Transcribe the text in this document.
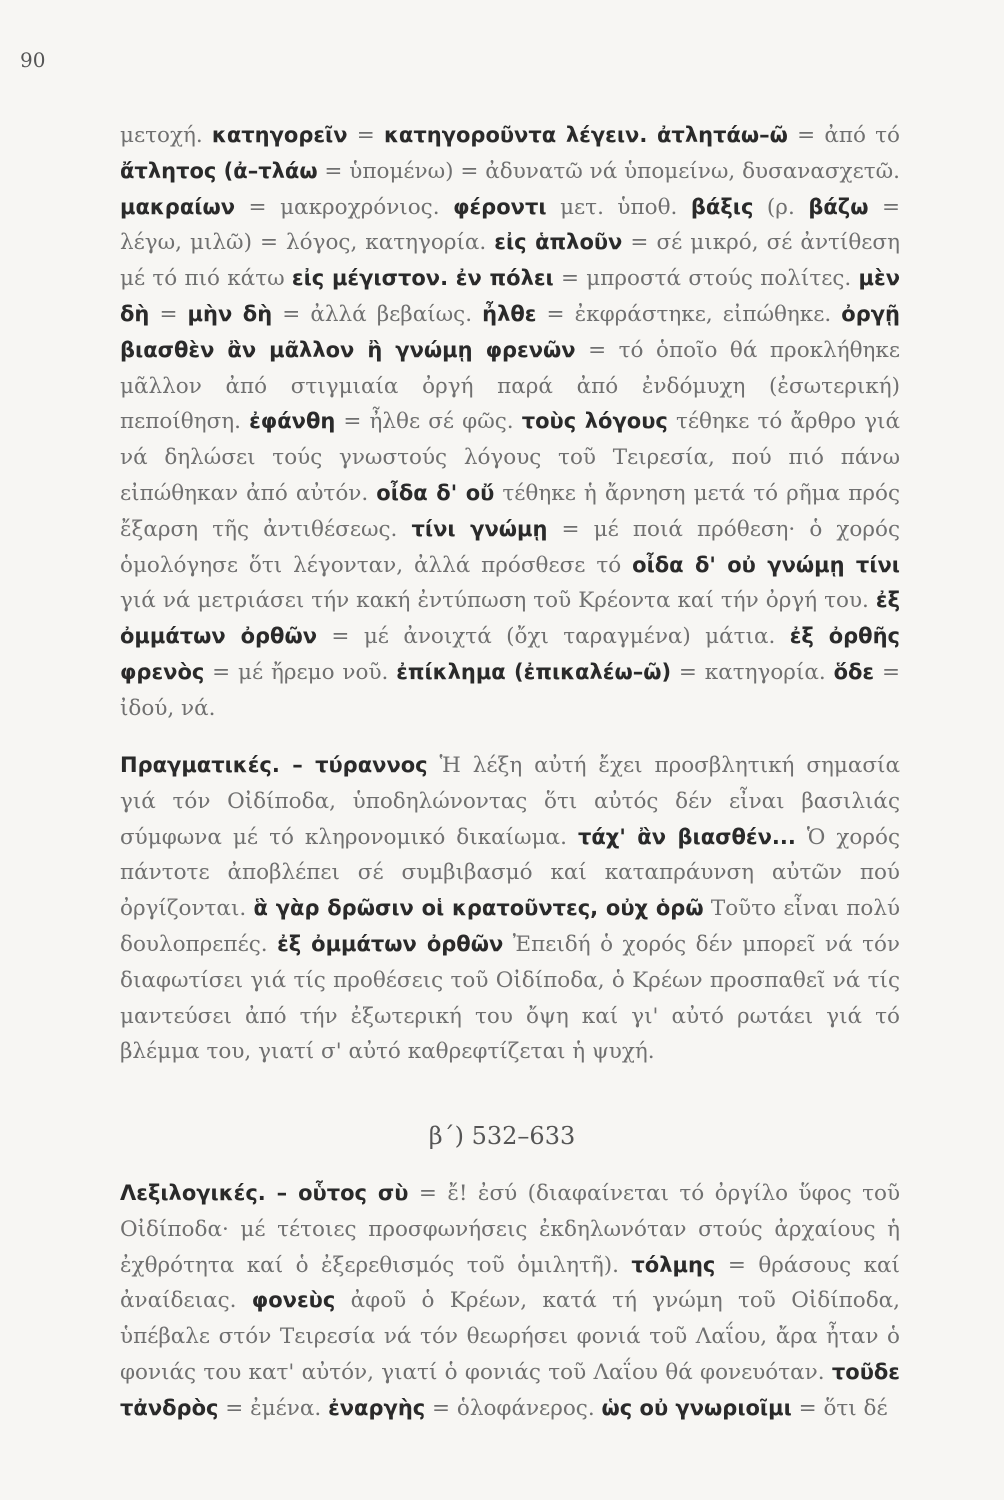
90

μετοχή. κατηγορεῖν = κατηγοροῦντα λέγειν. ἀτλητάω–ῶ = ἀπό τό ἄτλητος (ἀ–τλάω = ὑπομένω) = ἀδυνατῶ νά ὑπομείνω, δυσανασχετῶ. μακραίων = μακροχρόνιος. φέροντι μετ. ὑποθ. βάξις (ρ. βάζω = λέγω, μιλῶ) = λόγος, κατηγορία. εἰς ἁπλοῦν = σέ μικρό, σέ ἀντίθεση μέ τό πιό κάτω εἰς μέγιστον. ἐν πόλει = μπροστά στούς πολίτες. μὲν δὴ = μὴν δὴ = ἀλλά βεβαίως. ἦλθε = ἐκφράστηκε, εἰπώθηκε. ὀργῇ βιασθὲν ἂν μᾶλλον ἢ γνώμῃ φρενῶν = τό ὁποῖο θά προκλήθηκε μᾶλλον ἀπό στιγμιαία ὀργή παρά ἀπό ἐνδόμυχη (ἐσωτερική) πεποίθηση. ἐφάνθη = ἦλθε σέ φῶς. τοὺς λόγους τέθηκε τό ἄρθρο γιά νά δηλώσει τούς γνωστούς λόγους τοῦ Τειρεσία, πού πιό πάνω εἰπώθηκαν ἀπό αὐτόν. οἶδα δ' οὔ τέθηκε ἡ ἄρνηση μετά τό ρῆμα πρός ἔξαρση τῆς ἀντιθέσεως. τίνι γνώμῃ = μέ ποιά πρόθεση· ὁ χορός ὁμολόγησε ὅτι λέγονταν, ἀλλά πρόσθεσε τό οἶδα δ' οὐ γνώμῃ τίνι γιά νά μετριάσει τήν κακή ἐντύπωση τοῦ Κρέοντα καί τήν ὀργή του. ἐξ ὀμμάτων ὀρθῶν = μέ ἀνοιχτά (ὄχι ταραγμένα) μάτια. ἐξ ὀρθῆς φρενὸς = μέ ἤρεμο νοῦ. ἐπίκλημα (ἐπικαλέω–ῶ) = κατηγορία. ὅδε = ἰδού, νά.

Πραγματικές. – τύραννος Ἡ λέξη αὐτή ἔχει προσβλητική σημασία γιά τόν Οἰδίποδα, ὑποδηλώνοντας ὅτι αὐτός δέν εἶναι βασιλιάς σύμφωνα μέ τό κληρονομικό δικαίωμα. τάχ' ἂν βιασθέν... Ὁ χορός πάντοτε ἀποβλέπει σέ συμβιβασμό καί καταπράυνση αὐτῶν πού ὀργίζονται. ἃ γὰρ δρῶσιν οἱ κρατοῦντες, οὐχ ὁρῶ Τοῦτο εἶναι πολύ δουλοπρεπές. ἐξ ὀμμάτων ὀρθῶν Ἐπειδή ὁ χορός δέν μπορεῖ νά τόν διαφωτίσει γιά τίς προθέσεις τοῦ Οἰδίποδα, ὁ Κρέων προσπαθεῖ νά τίς μαντεύσει ἀπό τήν ἐξωτερική του ὄψη καί γι' αὐτό ρωτάει γιά τό βλέμμα του, γιατί σ' αὐτό καθρεφτίζεται ἡ ψυχή.

β΄) 532–633

Λεξιλογικές. – οὗτος σὺ = ἔ! ἐσύ (διαφαίνεται τό ὀργίλο ὕφος τοῦ Οἰδίποδα· μέ τέτοιες προσφωνήσεις ἐκδηλωνόταν στούς ἀρχαίους ἡ ἐχθρότητα καί ὁ ἐξερεθισμός τοῦ ὁμιλητῆ). τόλμης = θράσους καί ἀναίδειας. φονεὺς ἀφοῦ ὁ Κρέων, κατά τή γνώμη τοῦ Οἰδίποδα, ὑπέβαλε στόν Τειρεσία νά τόν θεωρήσει φονιά τοῦ Λαΐου, ἄρα ἦταν ὁ φονιάς του κατ' αὐτόν, γιατί ὁ φονιάς τοῦ Λαΐου θά φονευόταν. τοῦδε τἀνδρὸς = ἐμένα. ἐναργὴς = ὁλοφάνερος. ὡς οὐ γνωριοῖμι = ὅτι δέ
